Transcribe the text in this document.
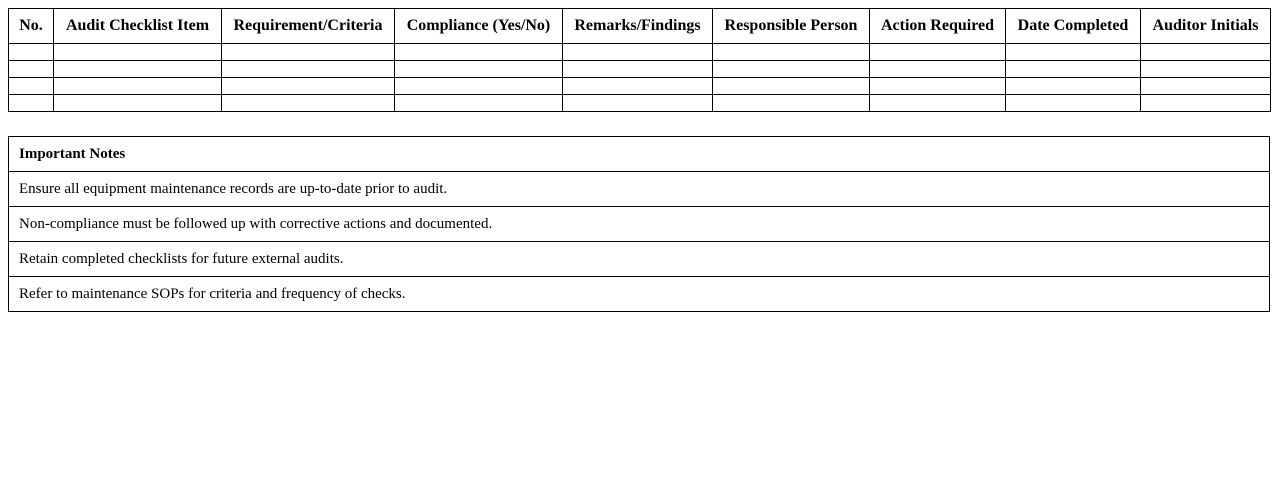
No.	Audit Checklist Item	Requirement/Criteria	Compliance (Yes/No)	Remarks/Findings	Responsible Person	Action Required	Date Completed	Auditor Initials

Important Notes
Ensure all equipment maintenance records are up-to-date prior to audit.
Non-compliance must be followed up with corrective actions and documented.
Retain completed checklists for future external audits.
Refer to maintenance SOPs for criteria and frequency of checks.
